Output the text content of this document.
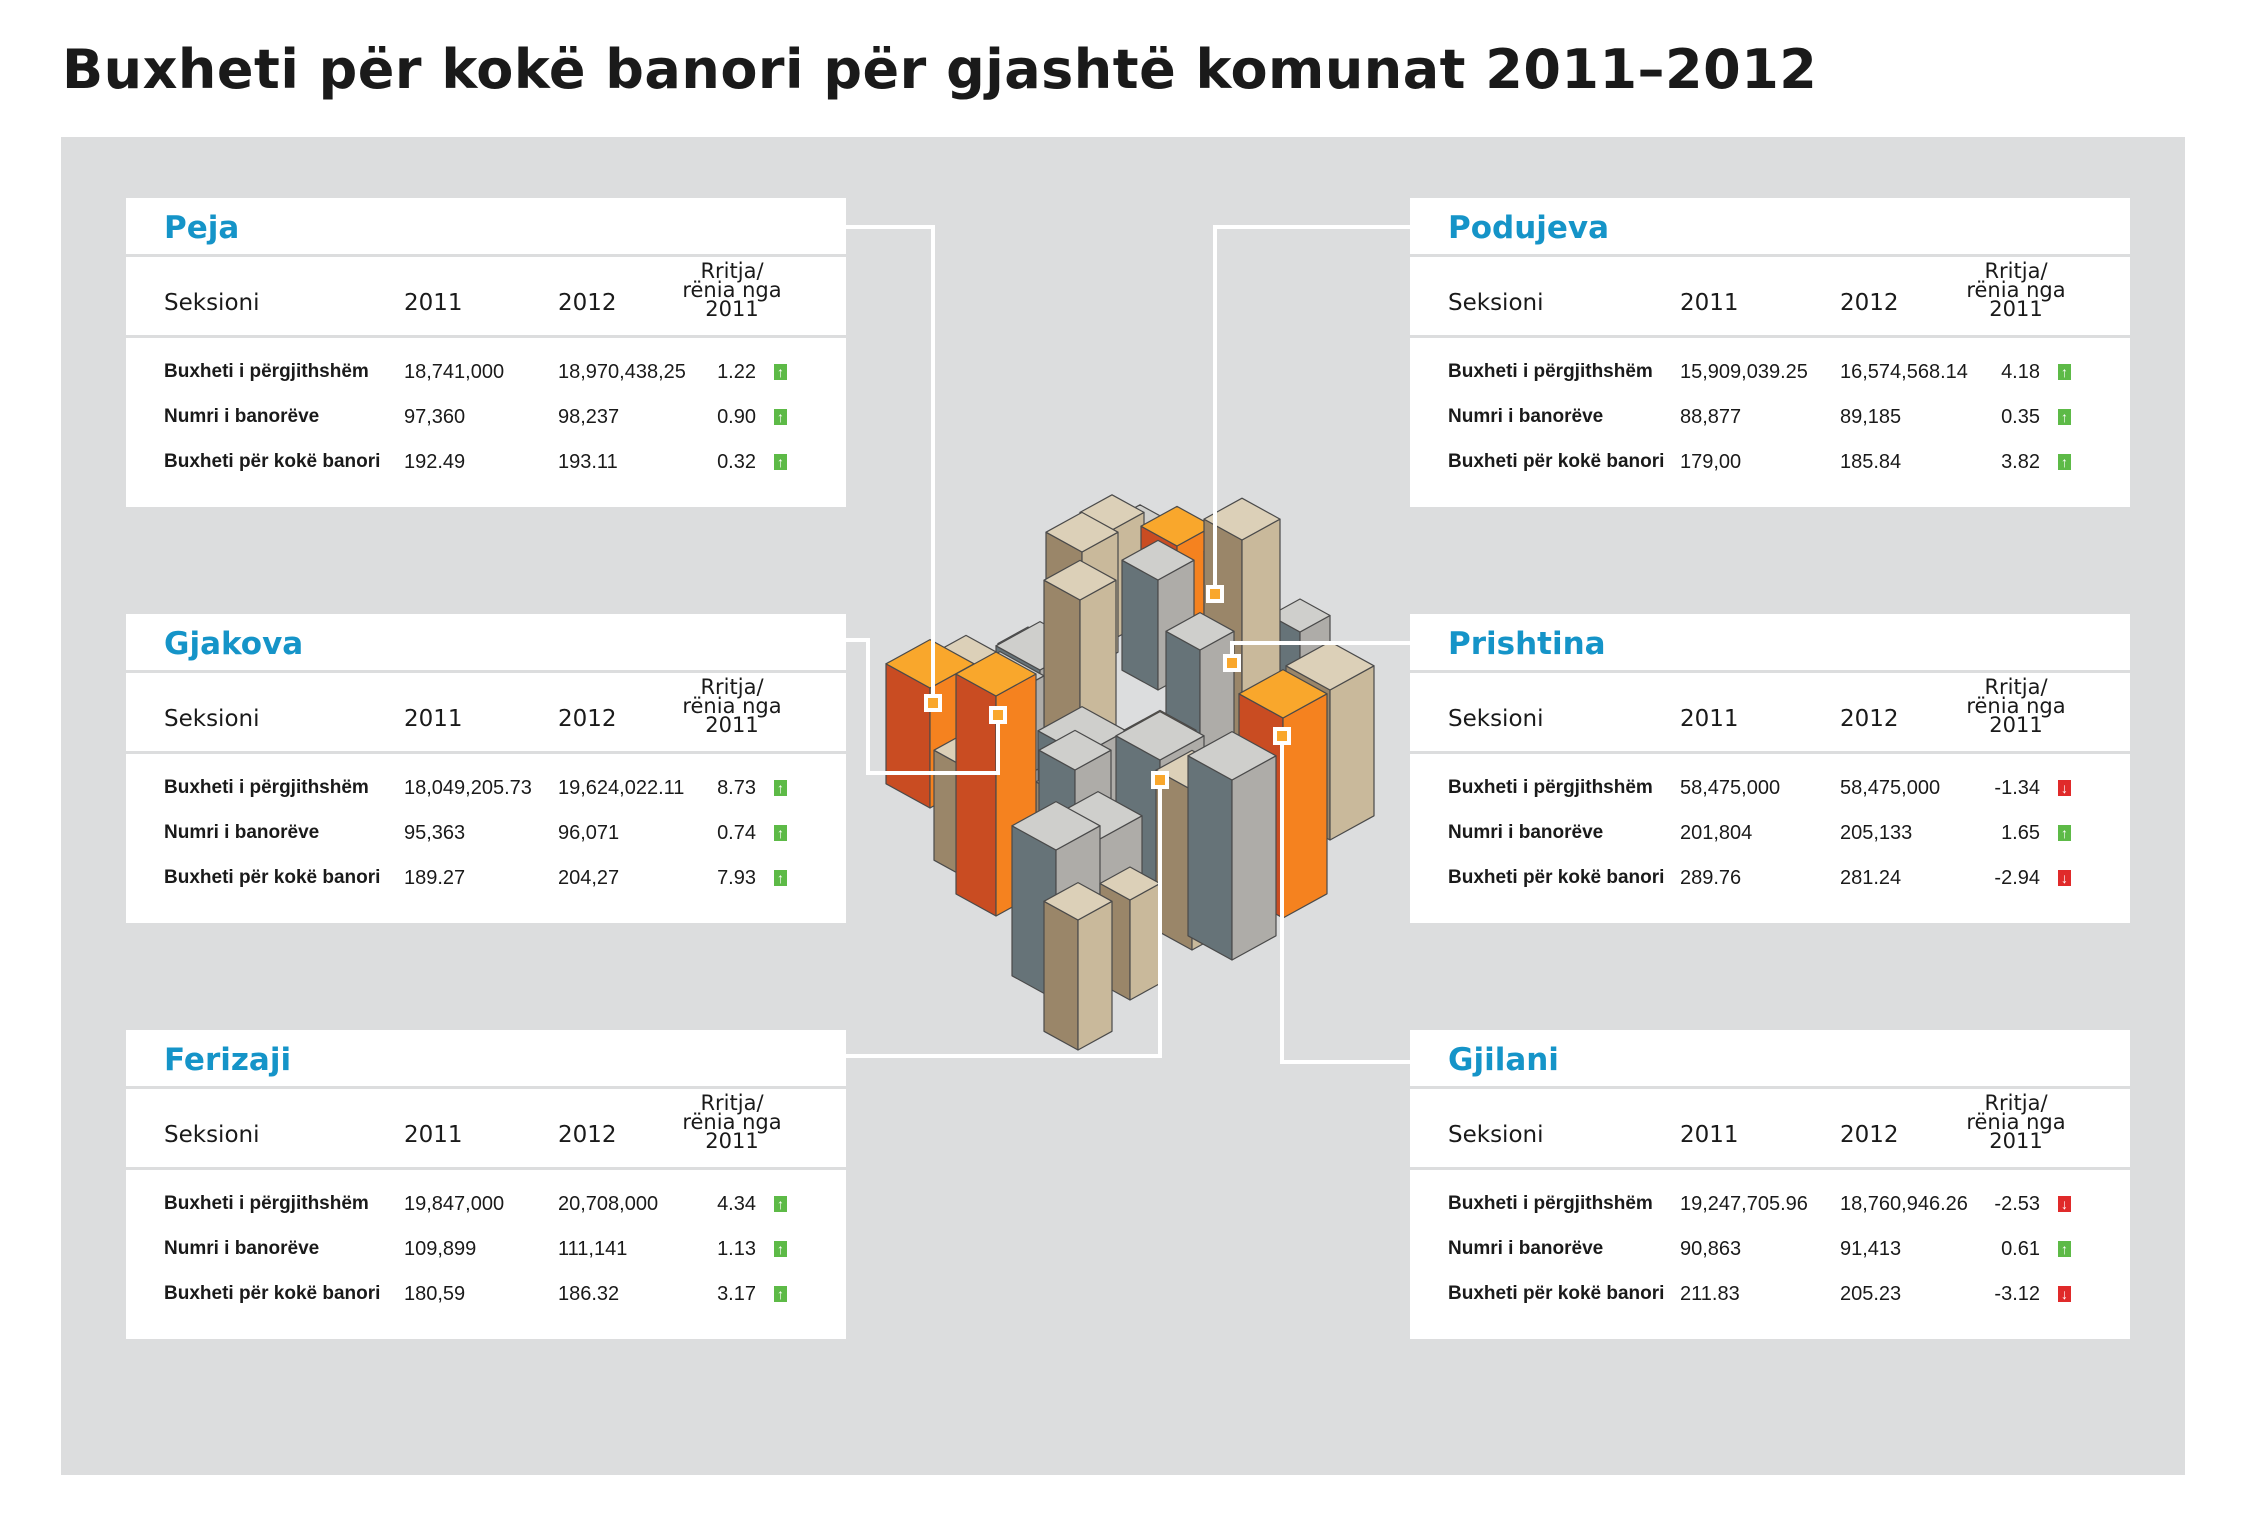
Buxheti për kokë banori për gjashtë komunat 2011–2012
Peja
Seksioni	2011	2012
Rritja/
rënia nga
2011
Buxheti i përgjithshëm 18,741,000	18,970,438,25	1.22 ↑
Numri i banorëve	97,360	98,237	0.90 ↑
Buxheti për kokë banori 192.49	193.11	0.32 ↑
Gjakova
Seksioni	2011	2012
Rritja/
rënia nga
2011
Buxheti i përgjithshëm 18,049,205.73 19,624,022.11	8.73 ↑
Numri i banorëve	95,363	96,071	0.74 ↑
Buxheti për kokë banori 189.27	204,27	7.93 ↑
Ferizaji
Seksioni	2011	2012
Rritja/
rënia nga
2011
Buxheti i përgjithshëm 19,847,000	20,708,000	4.34 ↑
Numri i banorëve	109,899	111,141	1.13 ↑
Buxheti për kokë banori 180,59	186.32	3.17 ↑
Podujeva
Seksioni	2011	2012
Rritja/
rënia nga
2011
Buxheti i përgjithshëm 15,909,039.25 16,574,568.14	4.18 ↑
Numri i banorëve	88,877	89,185	0.35 ↑
Buxheti për kokë banori 179,00	185.84	3.82 ↑
Prishtina
Seksioni	2011	2012
Rritja/
rënia nga
2011
Buxheti i përgjithshëm 58,475,000	58,475,000	-1.34 ↓
Numri i banorëve	201,804	205,133	1.65 ↑
Buxheti për kokë banori 289.76	281.24	-2.94 ↓
Gjilani
Seksioni	2011	2012
Rritja/
rënia nga
2011
Buxheti i përgjithshëm 19,247,705.96 18,760,946.26	-2.53 ↓
Numri i banorëve	90,863	91,413	0.61 ↑
Buxheti për kokë banori 211.83	205.23	-3.12 ↓
